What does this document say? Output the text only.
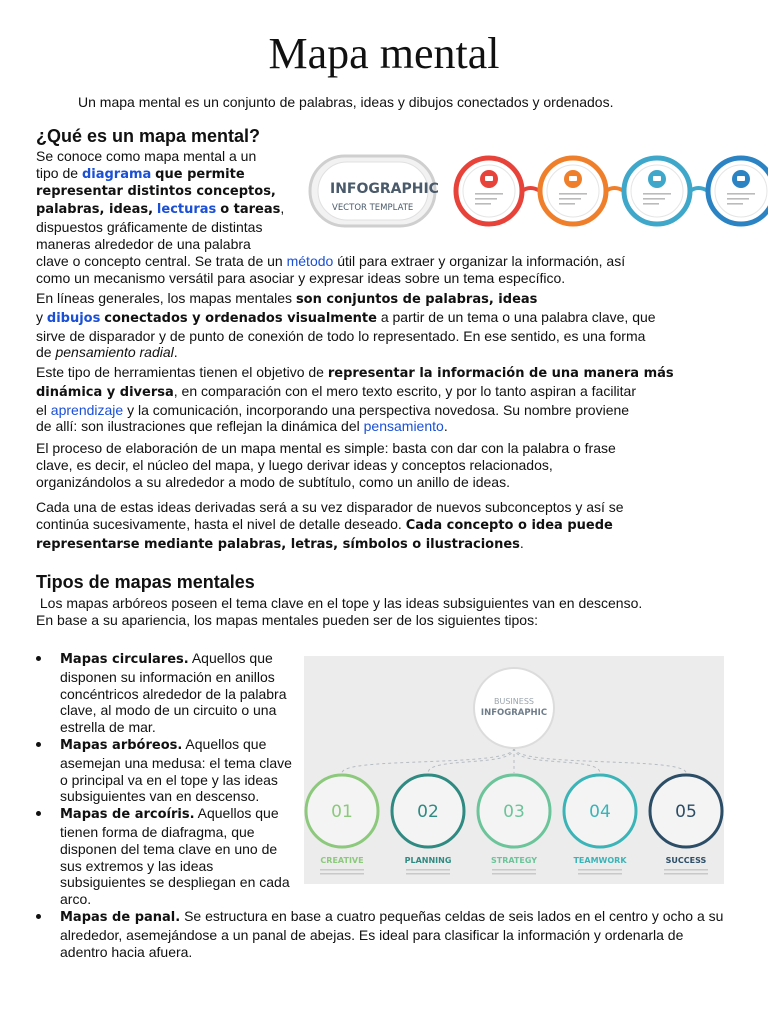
Mapa mental
Un mapa mental es un conjunto de palabras, ideas y dibujos conectados y ordenados.
¿Qué es un mapa mental?
Se conoce como mapa mental a un
tipo de diagrama que permite
representar distintos conceptos,
palabras, ideas, lecturas o tareas,
dispuestos gráficamente de distintas
maneras alrededor de una palabra
clave o concepto central. Se trata de un método útil para extraer y organizar la información, así
como un mecanismo versátil para asociar y expresar ideas sobre un tema específico.
INFOGRAPHIC
VECTOR TEMPLATE
En líneas generales, los mapas mentales son conjuntos de palabras, ideas
y dibujos conectados y ordenados visualmente a partir de un tema o una palabra clave, que
sirve de disparador y de punto de conexión de todo lo representado. En ese sentido, es una forma
de pensamiento radial.
Este tipo de herramientas tienen el objetivo de representar la información de una manera más
dinámica y diversa, en comparación con el mero texto escrito, y por lo tanto aspiran a facilitar
el aprendizaje y la comunicación, incorporando una perspectiva novedosa. Su nombre proviene
de allí: son ilustraciones que reflejan la dinámica del pensamiento.
El proceso de elaboración de un mapa mental es simple: basta con dar con la palabra o frase
clave, es decir, el núcleo del mapa, y luego derivar ideas y conceptos relacionados,
organizándolos a su alrededor a modo de subtítulo, como un anillo de ideas.
Cada una de estas ideas derivadas será a su vez disparador de nuevos subconceptos y así se
continúa sucesivamente, hasta el nivel de detalle deseado. Cada concepto o idea puede
representarse mediante palabras, letras, símbolos o ilustraciones.
Tipos de mapas mentales
Los mapas arbóreos poseen el tema clave en el tope y las ideas subsiguientes van en descenso.
En base a su apariencia, los mapas mentales pueden ser de los siguientes tipos:
Mapas circulares. Aquellos que disponen su información en anillos concéntricos alrededor de la palabra clave, al modo de un circuito o una estrella de mar.
Mapas arbóreos. Aquellos que asemejan una medusa: el tema clave o principal va en el tope y las ideas subsiguientes van en descenso.
Mapas de arcoíris. Aquellos que tienen forma de diafragma, que disponen del tema clave en uno de sus extremos y las ideas subsiguientes se despliegan en cada arco.
Mapas de panal. Se estructura en base a cuatro pequeñas celdas de seis lados en el centro y ocho a su alrededor, asemejándose a un panal de abejas. Es ideal para clasificar la información y ordenarla de adentro hacia afuera.
BUSINESS
INFOGRAPHIC
01
CREATIVE
02
PLANNING
03
STRATEGY
04
TEAMWORK
05
SUCCESS
